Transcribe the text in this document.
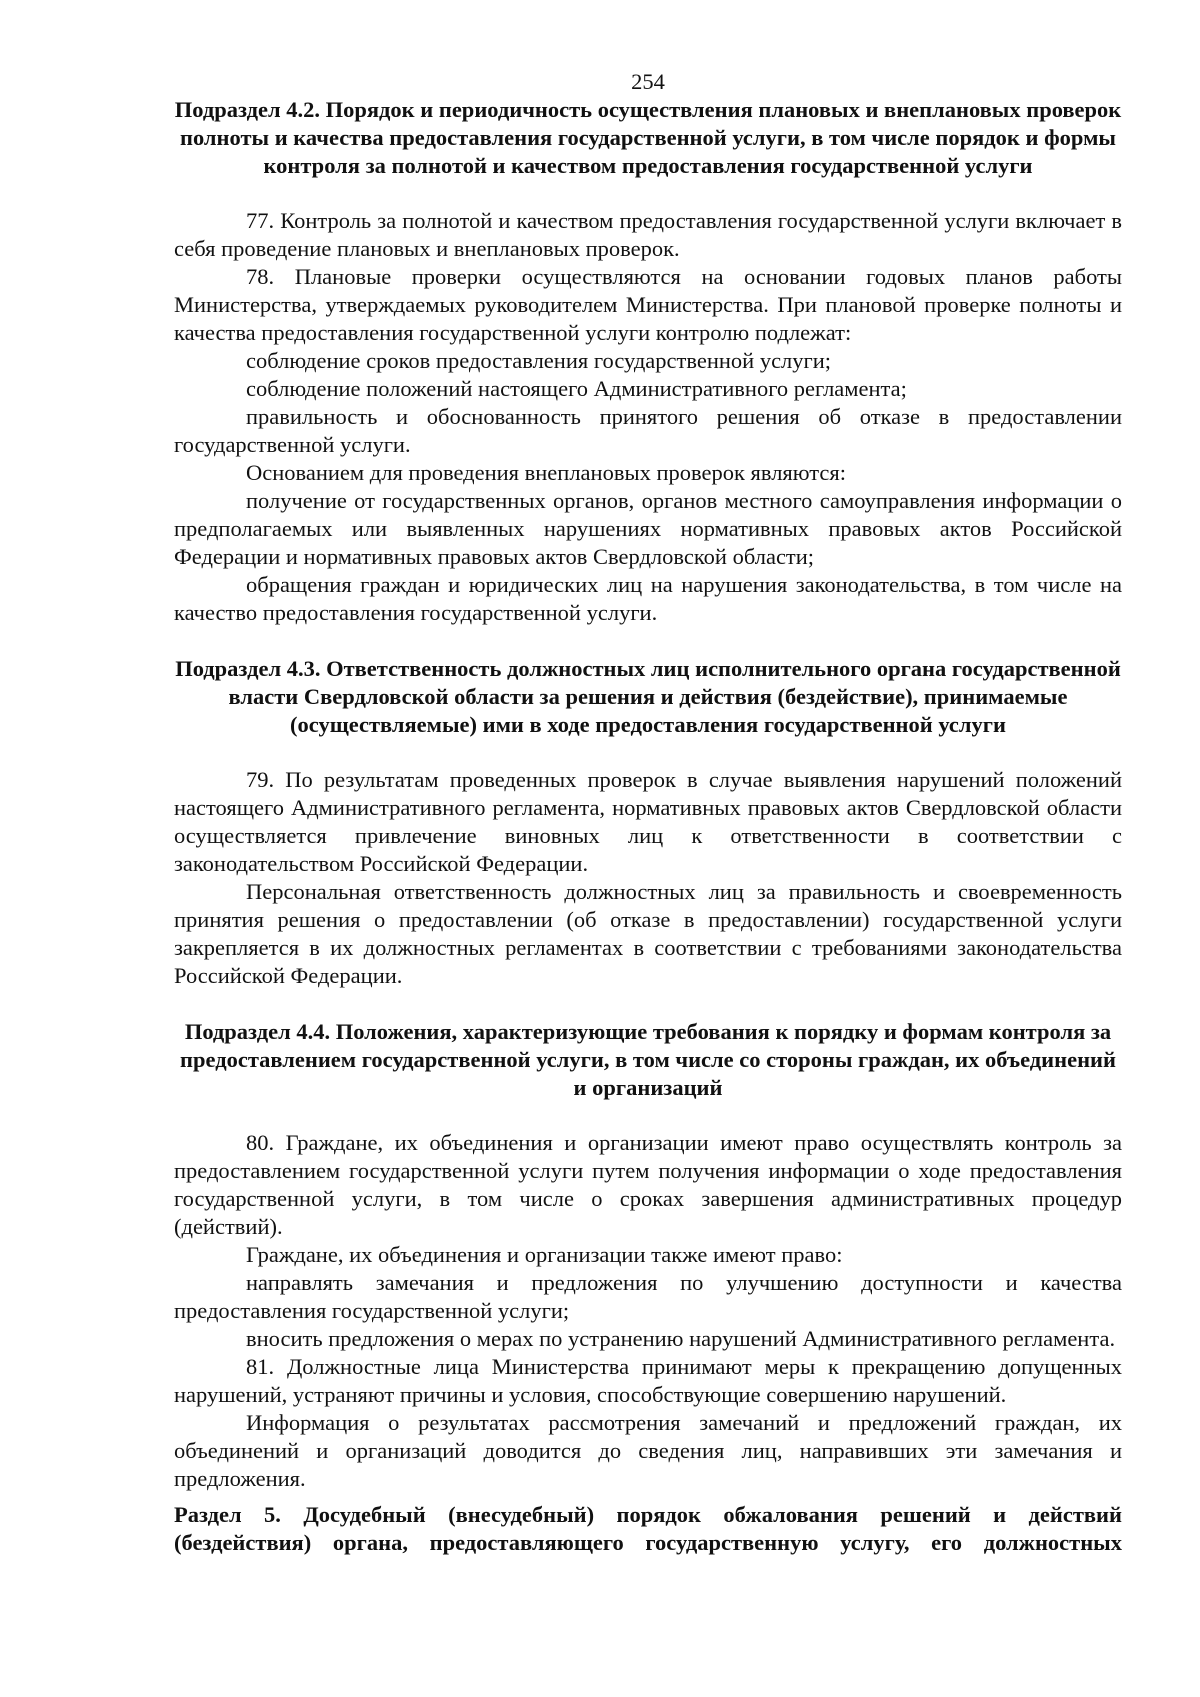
254

Подраздел 4.2. Порядок и периодичность осуществления плановых и внеплановых проверок полноты и качества предоставления государственной услуги, в том числе порядок и формы контроля за полнотой и качеством предоставления государственной услуги

77. Контроль за полнотой и качеством предоставления государственной услуги включает в себя проведение плановых и внеплановых проверок.

78. Плановые проверки осуществляются на основании годовых планов работы Министерства, утверждаемых руководителем Министерства. При плановой проверке полноты и качества предоставления государственной услуги контролю подлежат:

соблюдение сроков предоставления государственной услуги;

соблюдение положений настоящего Административного регламента;

правильность и обоснованность принятого решения об отказе в предоставлении государственной услуги.

Основанием для проведения внеплановых проверок являются:

получение от государственных органов, органов местного самоуправления информации о предполагаемых или выявленных нарушениях нормативных правовых актов Российской Федерации и нормативных правовых актов Свердловской области;

обращения граждан и юридических лиц на нарушения законодательства, в том числе на качество предоставления государственной услуги.

Подраздел 4.3. Ответственность должностных лиц исполнительного органа государственной власти Свердловской области за решения и действия (бездействие), принимаемые (осуществляемые) ими в ходе предоставления государственной услуги

79. По результатам проведенных проверок в случае выявления нарушений положений настоящего Административного регламента, нормативных правовых актов Свердловской области осуществляется привлечение виновных лиц к ответственности в соответствии с законодательством Российской Федерации.

Персональная ответственность должностных лиц за правильность и своевременность принятия решения о предоставлении (об отказе в предоставлении) государственной услуги закрепляется в их должностных регламентах в соответствии с требованиями законодательства Российской Федерации.

Подраздел 4.4. Положения, характеризующие требования к порядку и формам контроля за предоставлением государственной услуги, в том числе со стороны граждан, их объединений и организаций

80. Граждане, их объединения и организации имеют право осуществлять контроль за предоставлением государственной услуги путем получения информации о ходе предоставления государственной услуги, в том числе о сроках завершения административных процедур (действий).

Граждане, их объединения и организации также имеют право:

направлять замечания и предложения по улучшению доступности и качества предоставления государственной услуги;

вносить предложения о мерах по устранению нарушений Административного регламента.

81. Должностные лица Министерства принимают меры к прекращению допущенных нарушений, устраняют причины и условия, способствующие совершению нарушений.

Информация о результатах рассмотрения замечаний и предложений граждан, их объединений и организаций доводится до сведения лиц, направивших эти замечания и предложения.

Раздел 5. Досудебный (внесудебный) порядок обжалования решений и действий (бездействия) органа, предоставляющего государственную услугу, его должностных
